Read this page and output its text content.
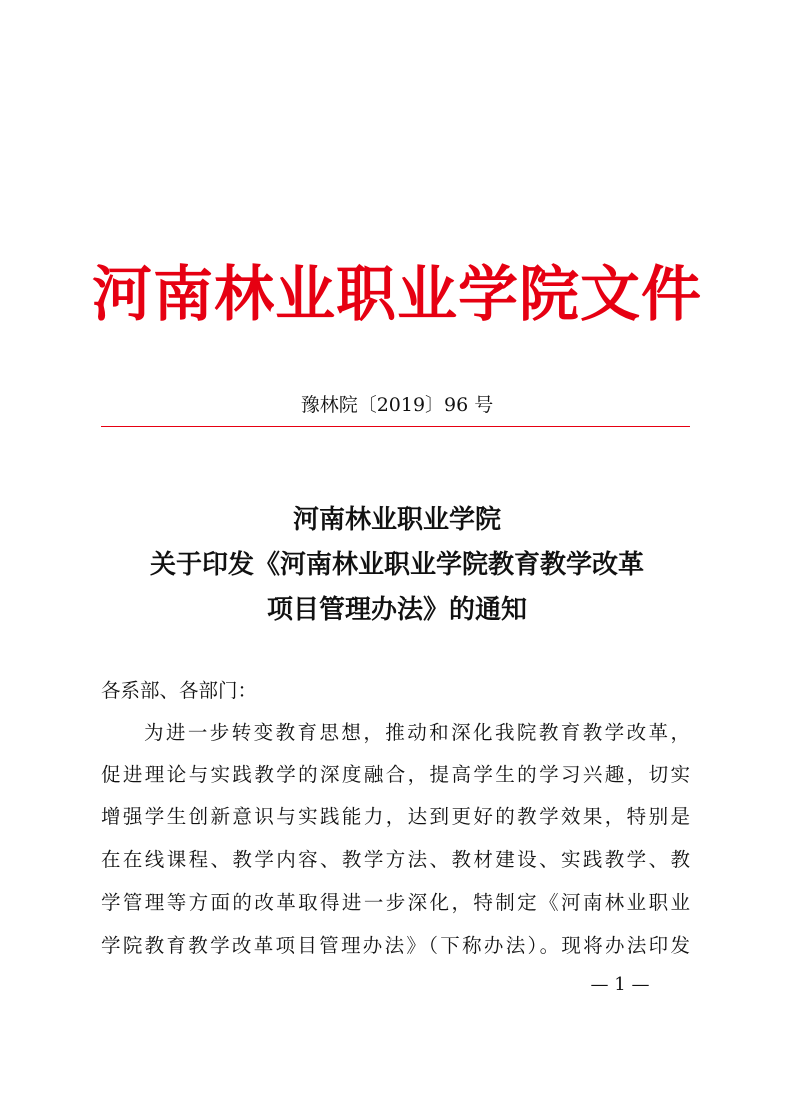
河南林业职业学院文件
豫林院〔2019〕96 号
河南林业职业学院
关于印发《河南林业职业学院教育教学改革
项目管理办法》的通知
各系部、各部门：
为进一步转变教育思想，推动和深化我院教育教学改革，
促进理论与实践教学的深度融合，提高学生的学习兴趣，切实
增强学生创新意识与实践能力，达到更好的教学效果，特别是
在在线课程、教学内容、教学方法、教材建设、实践教学、教
学管理等方面的改革取得进一步深化，特制定《河南林业职业
学院教育教学改革项目管理办法》（下称办法）。现将办法印发
— 1 —
